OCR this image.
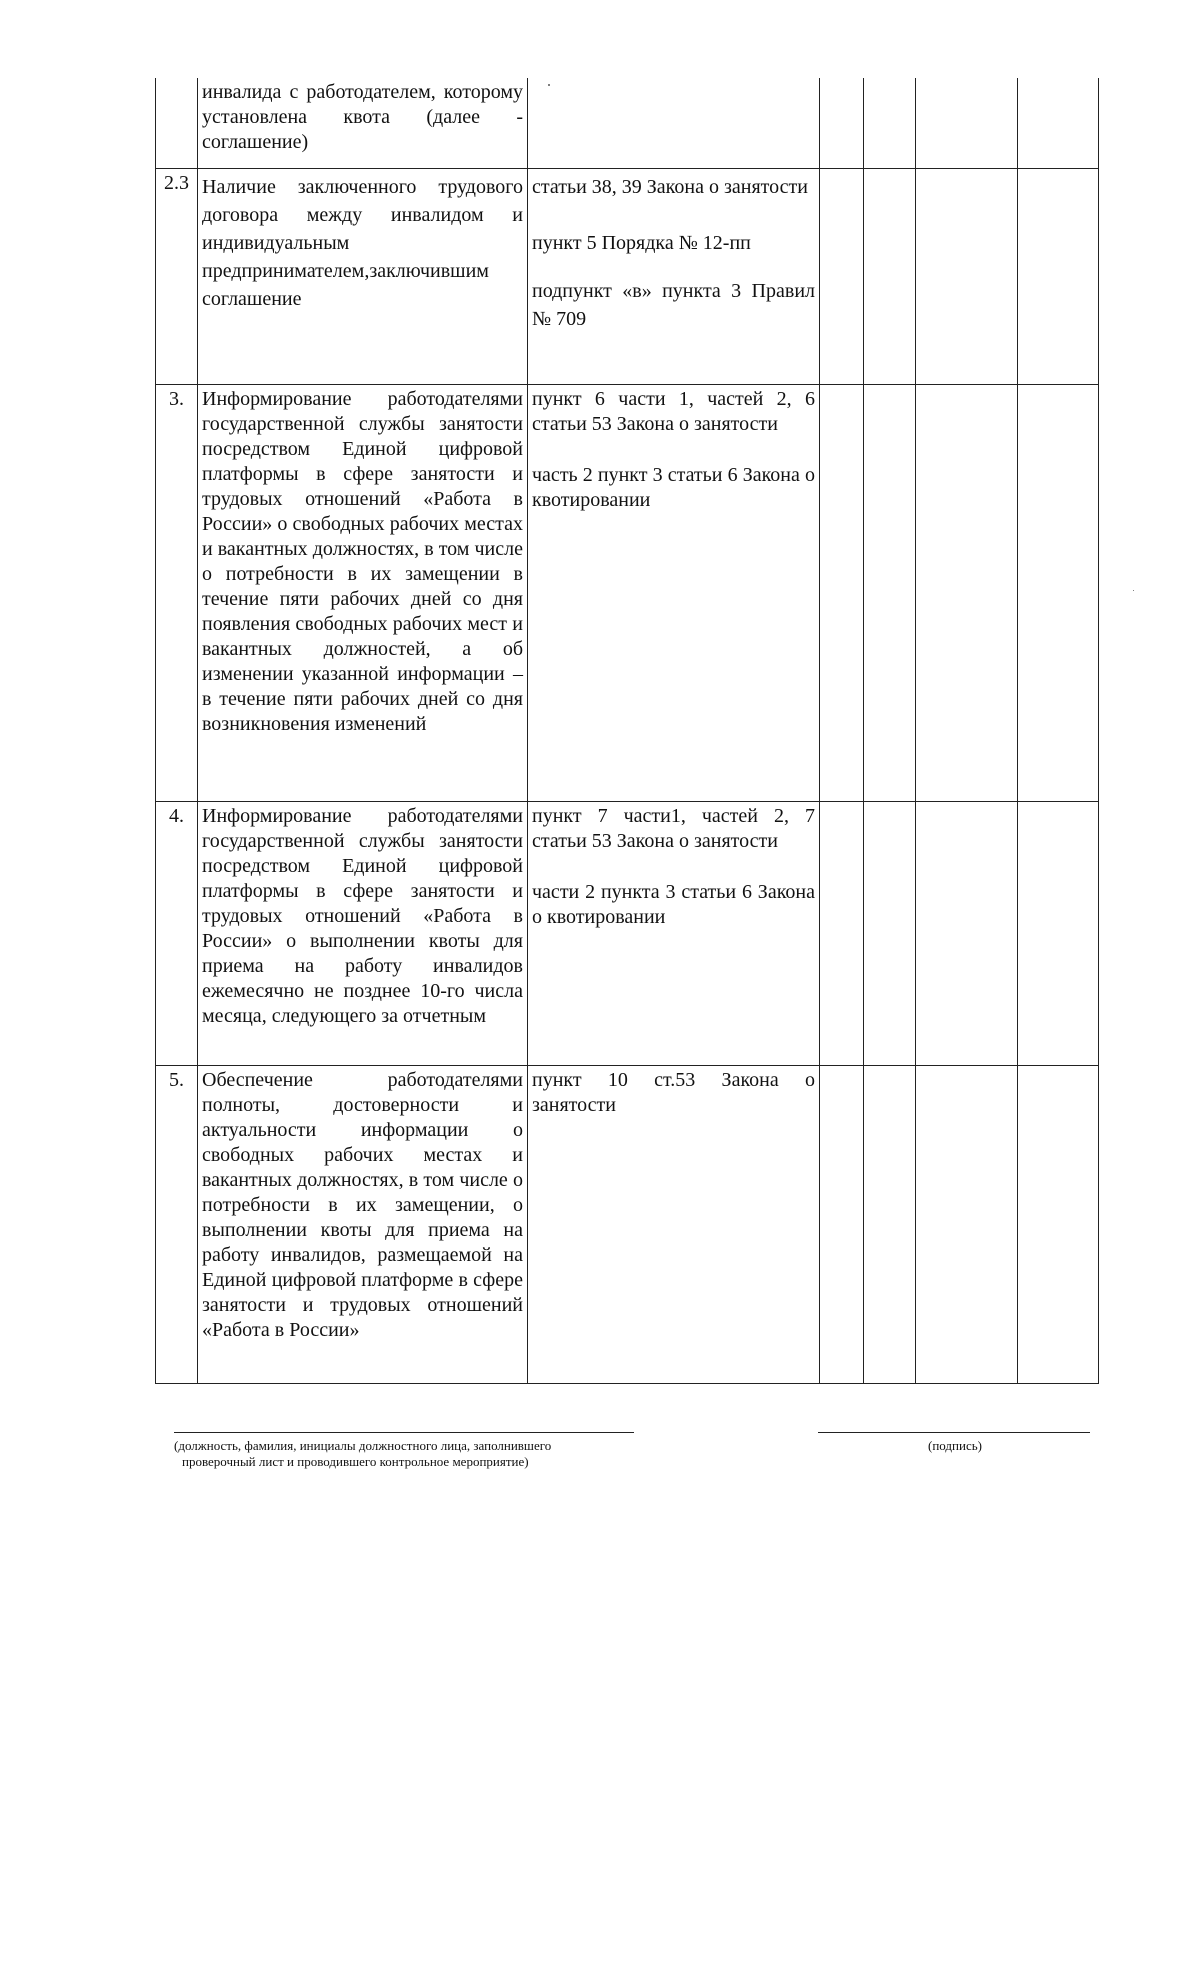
	инвалида с работодателем, которому установлена квота (далее - соглашение)					

2.3	Наличие заключенного трудового договора между инвалидом и индивидуальным предпринимателем,заключившим соглашение	статьи 38, 39 Закона о занятости

пункт 5 Порядка № 12-пп

подпункт «в» пункта 3 Правил № 709				

3.	Информирование работодателями государственной службы занятости посредством Единой цифровой платформы в сфере занятости и трудовых отношений «Работа в России» о свободных рабочих местах и вакантных должностях, в том числе о потребности в их замещении в течение пяти рабочих дней со дня появления свободных рабочих мест и вакантных должностей, а об изменении указанной информации – в течение пяти рабочих дней со дня возникновения изменений	пункт 6 части 1, частей 2, 6 статьи 53 Закона о занятости

часть 2 пункт 3 статьи 6 Закона о квотировании				

4.	Информирование работодателями государственной службы занятости посредством Единой цифровой платформы в сфере занятости и трудовых отношений «Работа в России» о выполнении квоты для приема на работу инвалидов ежемесячно не позднее 10-го числа месяца, следующего за отчетным	пункт 7 части1, частей 2, 7 статьи 53 Закона о занятости

части 2 пункта 3 статьи 6 Закона о квотировании				

5.	Обеспечение работодателями полноты, достоверности и актуальности информации о свободных рабочих местах и вакантных должностях, в том числе о потребности в их замещении, о выполнении квоты для приема на работу инвалидов, размещаемой на Единой цифровой платформе в сфере занятости и трудовых отношений «Работа в России»	пункт 10 ст.53 Закона о занятости				

(должность, фамилия, инициалы должностного лица, заполнившего
проверочный лист и проводившего контрольное мероприятие)
(подпись)
